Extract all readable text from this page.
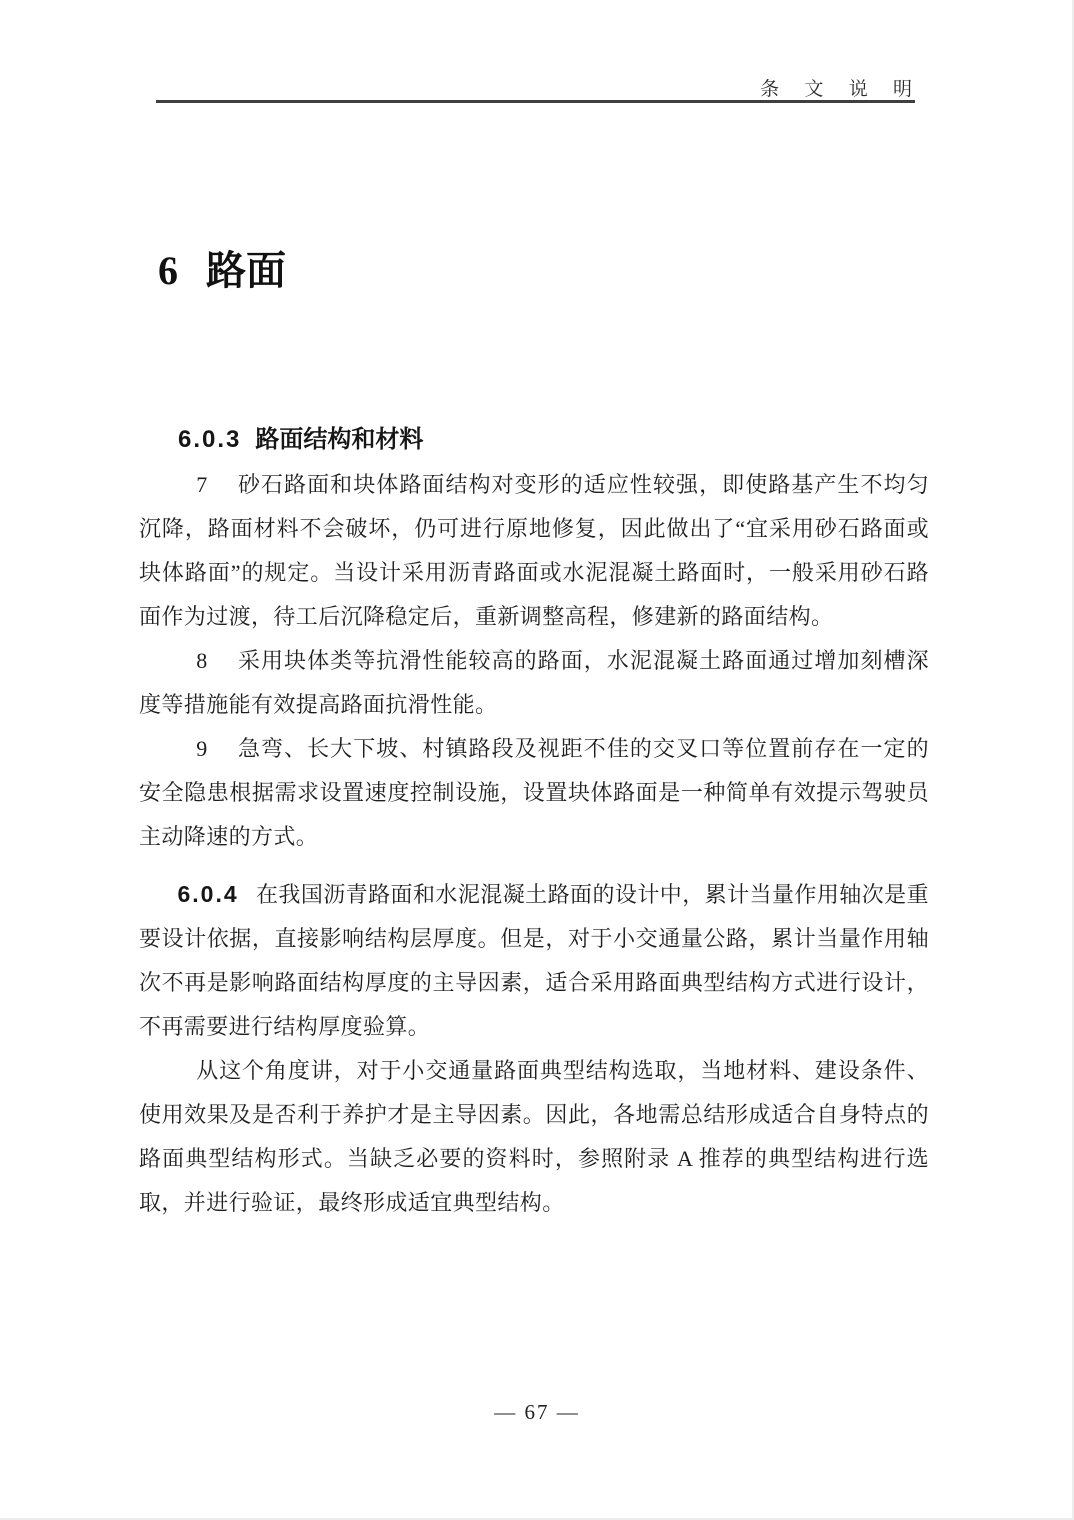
条 文 说 明
6 路面
6.0.3 路面结构和材料

7 砂石路面和块体路面结构对变形的适应性较强，即使路基产生不均匀沉降，路面材料不会破坏，仍可进行原地修复，因此做出了“宜采用砂石路面或块体路面”的规定。当设计采用沥青路面或水泥混凝土路面时，一般采用砂石路面作为过渡，待工后沉降稳定后，重新调整高程，修建新的路面结构。

8 采用块体类等抗滑性能较高的路面，水泥混凝土路面通过增加刻槽深度等措施能有效提高路面抗滑性能。

9 急弯、长大下坡、村镇路段及视距不佳的交叉口等位置前存在一定的安全隐患根据需求设置速度控制设施，设置块体路面是一种简单有效提示驾驶员主动降速的方式。

6.0.4 在我国沥青路面和水泥混凝土路面的设计中，累计当量作用轴次是重要设计依据，直接影响结构层厚度。但是，对于小交通量公路，累计当量作用轴次不再是影响路面结构厚度的主导因素，适合采用路面典型结构方式进行设计，不再需要进行结构厚度验算。

从这个角度讲，对于小交通量路面典型结构选取，当地材料、建设条件、使用效果及是否利于养护才是主导因素。因此，各地需总结形成适合自身特点的路面典型结构形式。当缺乏必要的资料时，参照附录 A 推荐的典型结构进行选取，并进行验证，最终形成适宜典型结构。

— 67 —
